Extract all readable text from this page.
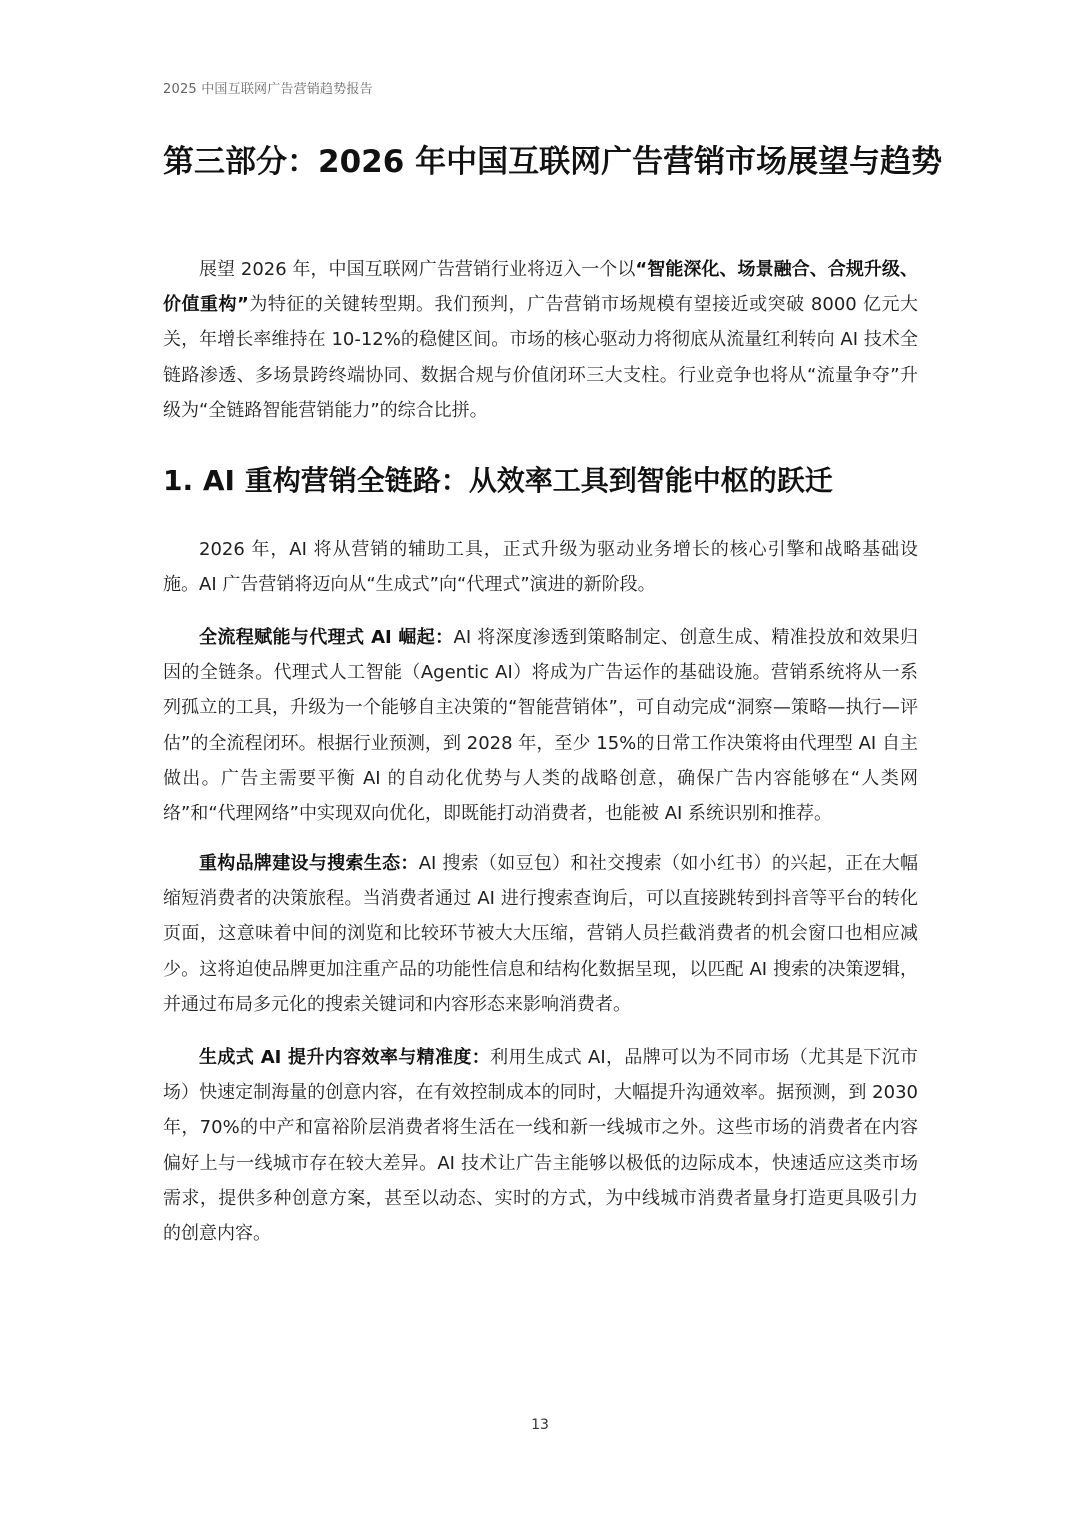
2025 中国互联网广告营销趋势报告
第三部分：2026 年中国互联网广告营销市场展望与趋势

展望 2026 年，中国互联网广告营销行业将迈入一个以“智能深化、场景融合、合规升级、价值重构”为特征的关键转型期。我们预判，广告营销市场规模有望接近或突破 8000 亿元大关，年增长率维持在 10-12%的稳健区间。市场的核心驱动力将彻底从流量红利转向 AI 技术全链路渗透、多场景跨终端协同、数据合规与价值闭环三大支柱。行业竞争也将从“流量争夺”升级为“全链路智能营销能力”的综合比拼。

1. AI 重构营销全链路：从效率工具到智能中枢的跃迁

2026 年，AI 将从营销的辅助工具，正式升级为驱动业务增长的核心引擎和战略基础设施。AI 广告营销将迈向从“生成式”向“代理式”演进的新阶段。

全流程赋能与代理式 AI 崛起：AI 将深度渗透到策略制定、创意生成、精准投放和效果归因的全链条。代理式人工智能（Agentic AI）将成为广告运作的基础设施。营销系统将从一系列孤立的工具，升级为一个能够自主决策的“智能营销体”，可自动完成“洞察—策略—执行—评估”的全流程闭环。根据行业预测，到 2028 年，至少 15%的日常工作决策将由代理型 AI 自主做出。广告主需要平衡 AI 的自动化优势与人类的战略创意，确保广告内容能够在“人类网络”和“代理网络”中实现双向优化，即既能打动消费者，也能被 AI 系统识别和推荐。

重构品牌建设与搜索生态：AI 搜索（如豆包）和社交搜索（如小红书）的兴起，正在大幅缩短消费者的决策旅程。当消费者通过 AI 进行搜索查询后，可以直接跳转到抖音等平台的转化页面，这意味着中间的浏览和比较环节被大大压缩，营销人员拦截消费者的机会窗口也相应减少。这将迫使品牌更加注重产品的功能性信息和结构化数据呈现，以匹配 AI 搜索的决策逻辑，并通过布局多元化的搜索关键词和内容形态来影响消费者。

生成式 AI 提升内容效率与精准度：利用生成式 AI，品牌可以为不同市场（尤其是下沉市场）快速定制海量的创意内容，在有效控制成本的同时，大幅提升沟通效率。据预测，到 2030 年，70%的中产和富裕阶层消费者将生活在一线和新一线城市之外。这些市场的消费者在内容偏好上与一线城市存在较大差异。AI 技术让广告主能够以极低的边际成本，快速适应这类市场需求，提供多种创意方案，甚至以动态、实时的方式，为中线城市消费者量身打造更具吸引力的创意内容。

13
